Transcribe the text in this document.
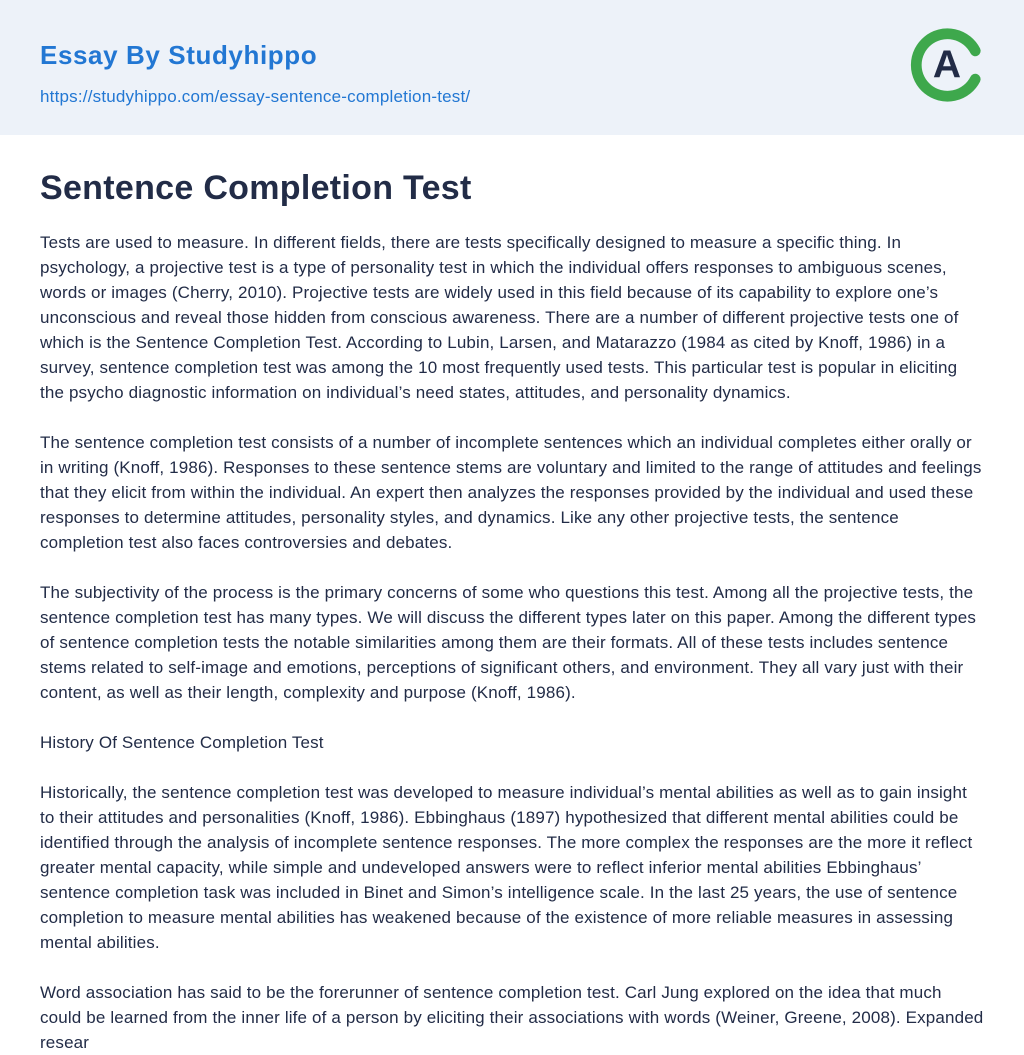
Essay By Studyhippo
https://studyhippo.com/essay-sentence-completion-test/
A
Sentence Completion Test

Tests are used to measure. In different fields, there are tests specifically designed to measure a specific thing. In psychology, a projective test is a type of personality test in which the individual offers responses to ambiguous scenes, words or images (Cherry, 2010). Projective tests are widely used in this field because of its capability to explore one’s unconscious and reveal those hidden from conscious awareness. There are a number of different projective tests one of which is the Sentence Completion Test. According to Lubin, Larsen, and Matarazzo (1984 as cited by Knoff, 1986) in a survey, sentence completion test was among the 10 most frequently used tests. This particular test is popular in eliciting the psycho diagnostic information on individual’s need states, attitudes, and personality dynamics.

The sentence completion test consists of a number of incomplete sentences which an individual completes either orally or in writing (Knoff, 1986). Responses to these sentence stems are voluntary and limited to the range of attitudes and feelings that they elicit from within the individual. An expert then analyzes the responses provided by the individual and used these responses to determine attitudes, personality styles, and dynamics. Like any other projective tests, the sentence completion test also faces controversies and debates.

The subjectivity of the process is the primary concerns of some who questions this test. Among all the projective tests, the sentence completion test has many types. We will discuss the different types later on this paper. Among the different types of sentence completion tests the notable similarities among them are their formats. All of these tests includes sentence stems related to self-image and emotions, perceptions of significant others, and environment. They all vary just with their content, as well as their length, complexity and purpose (Knoff, 1986).

History Of Sentence Completion Test

Historically, the sentence completion test was developed to measure individual’s mental abilities as well as to gain insight to their attitudes and personalities (Knoff, 1986). Ebbinghaus (1897) hypothesized that different mental abilities could be identified through the analysis of incomplete sentence responses. The more complex the responses are the more it reflect greater mental capacity, while simple and undeveloped answers were to reflect inferior mental abilities Ebbinghaus’ sentence completion task was included in Binet and Simon’s intelligence scale. In the last 25 years, the use of sentence completion to measure mental abilities has weakened because of the existence of more reliable measures in assessing mental abilities.

Word association has said to be the forerunner of sentence completion test. Carl Jung explored on the idea that much could be learned from the inner life of a person by eliciting their associations with words (Weiner, Greene, 2008). Expanded resear
